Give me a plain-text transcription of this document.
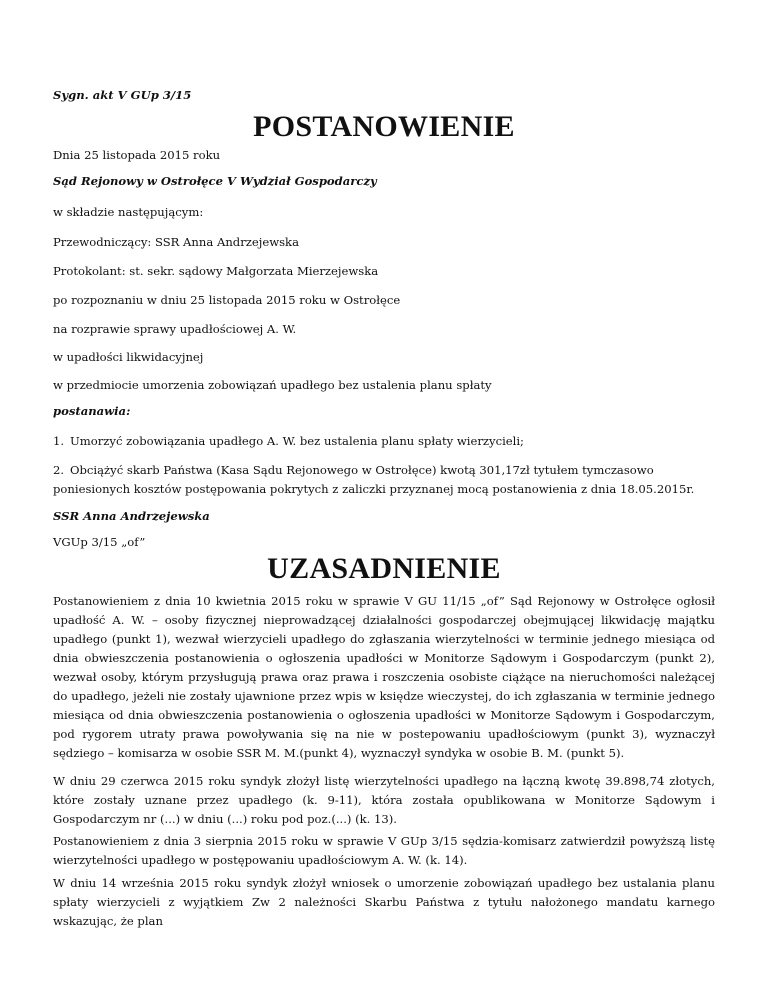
Sygn. akt V GUp 3/15

POSTANOWIENIE

Dnia 25 listopada 2015 roku

Sąd Rejonowy w Ostrołęce V Wydział Gospodarczy

w składzie następującym:

Przewodniczący: SSR Anna Andrzejewska

Protokolant: st. sekr. sądowy Małgorzata Mierzejewska

po rozpoznaniu w dniu 25 listopada 2015 roku w Ostrołęce

na rozprawie sprawy upadłościowej A. W.

w upadłości likwidacyjnej

w przedmiocie umorzenia zobowiązań upadłego bez ustalenia planu spłaty

postanawia:

1. Umorzyć zobowiązania upadłego A. W. bez ustalenia planu spłaty wierzycieli;

2. Obciążyć skarb Państwa (Kasa Sądu Rejonowego w Ostrołęce) kwotą 301,17zł tytułem tymczasowo poniesionych kosztów postępowania pokrytych z zaliczki przyznanej mocą postanowienia z dnia 18.05.2015r.

SSR Anna Andrzejewska

VGUp 3/15 „of”

UZASADNIENIE

Postanowieniem z dnia 10 kwietnia 2015 roku w sprawie V GU 11/15 „of” Sąd Rejonowy w Ostrołęce ogłosił upadłość A. W. – osoby fizycznej nieprowadzącej działalności gospodarczej obejmującej likwidację majątku upadłego (punkt 1), wezwał wierzycieli upadłego do zgłaszania wierzytelności w terminie jednego miesiąca od dnia obwieszczenia postanowienia o ogłoszenia upadłości w Monitorze Sądowym i Gospodarczym (punkt 2), wezwał osoby, którym przysługują prawa oraz prawa i roszczenia osobiste ciążące na nieruchomości należącej do upadłego, jeżeli nie zostały ujawnione przez wpis w księdze wieczystej, do ich zgłaszania w terminie jednego miesiąca od dnia obwieszczenia postanowienia o ogłoszenia upadłości w Monitorze Sądowym i Gospodarczym, pod rygorem utraty prawa powoływania się na nie w postepowaniu upadłościowym (punkt 3), wyznaczył sędziego – komisarza w osobie SSR M. M.(punkt 4), wyznaczył syndyka w osobie B. M. (punkt 5).

W dniu 29 czerwca 2015 roku syndyk złożył listę wierzytelności upadłego na łączną kwotę 39.898,74 złotych, które zostały uznane przez upadłego (k. 9-11), która została opublikowana w Monitorze Sądowym i Gospodarczym nr (...) w dniu (...) roku pod poz.(...) (k. 13).

Postanowieniem z dnia 3 sierpnia 2015 roku w sprawie V GUp 3/15 sędzia-komisarz zatwierdził powyższą listę wierzytelności upadłego w postępowaniu upadłościowym A. W. (k. 14).

W dniu 14 września 2015 roku syndyk złożył wniosek o umorzenie zobowiązań upadłego bez ustalania planu spłaty wierzycieli z wyjątkiem Zw 2 należności Skarbu Państwa z tytułu nałożonego mandatu karnego wskazując, że plan
